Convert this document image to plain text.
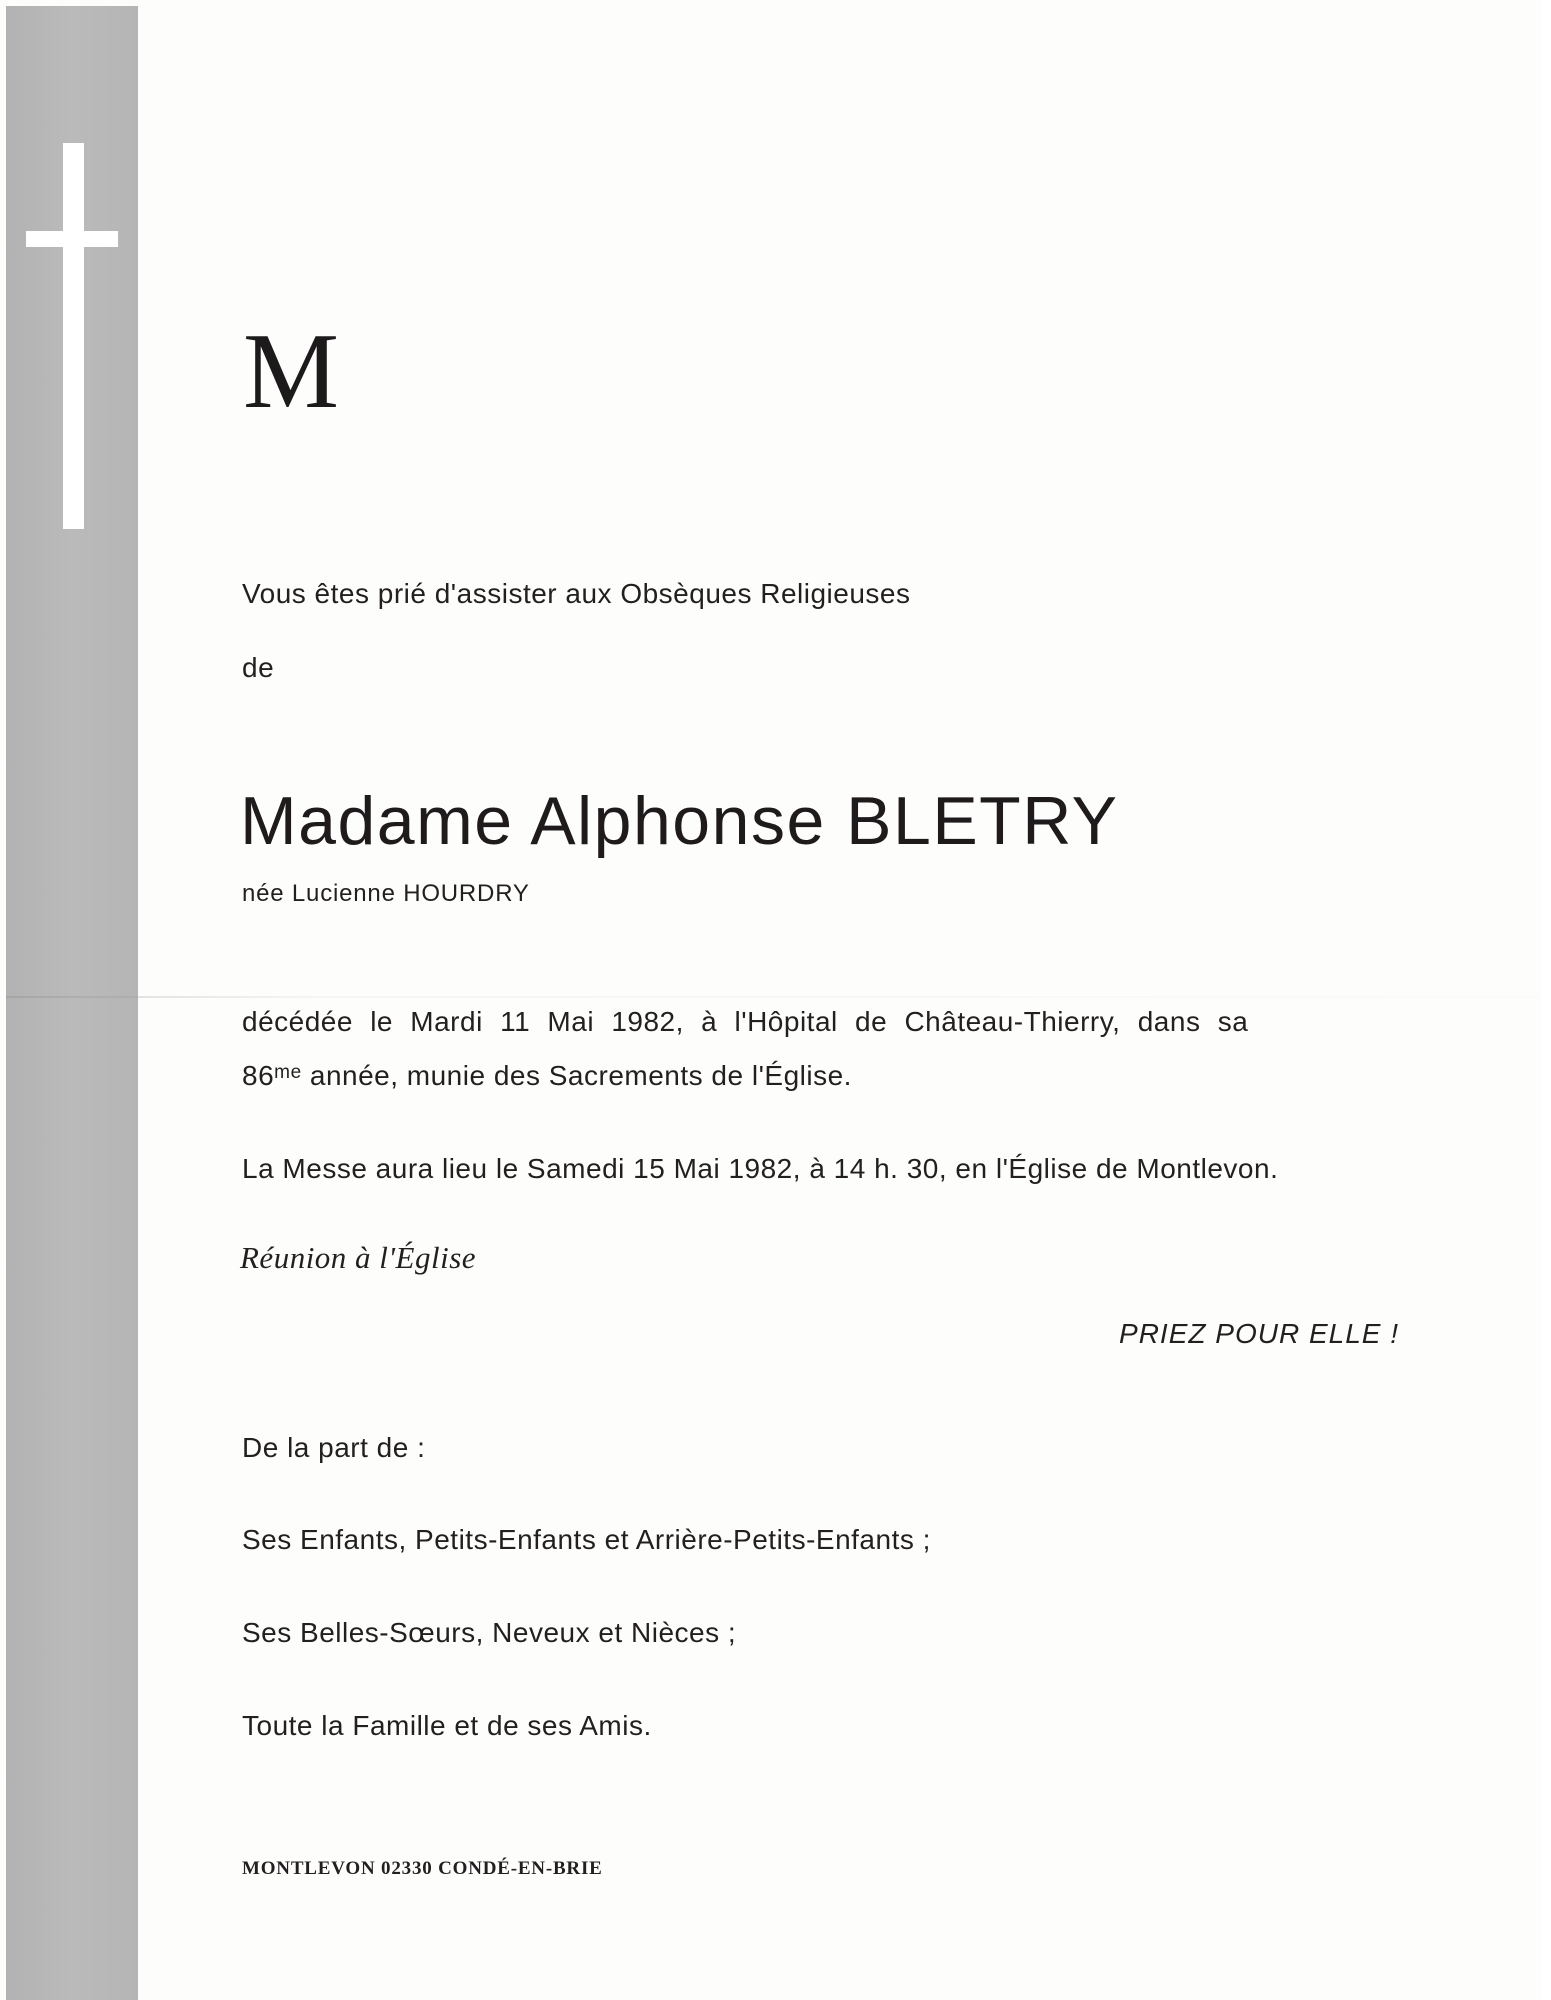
M
Vous êtes prié d'assister aux Obsèques Religieuses
de
Madame Alphonse BLETRY
née Lucienne HOURDRY
décédée le Mardi 11 Mai 1982, à l'Hôpital de Château-Thierry, dans sa
86ᵐᵉ année, munie des Sacrements de l'Église.
La Messe aura lieu le Samedi 15 Mai 1982, à 14 h. 30, en l'Église de Montlevon.
Réunion à l'Église
PRIEZ POUR ELLE !
De la part de :
Ses Enfants, Petits-Enfants et Arrière-Petits-Enfants ;
Ses Belles-Sœurs, Neveux et Nièces ;
Toute la Famille et de ses Amis.
MONTLEVON 02330 CONDÉ-EN-BRIE
